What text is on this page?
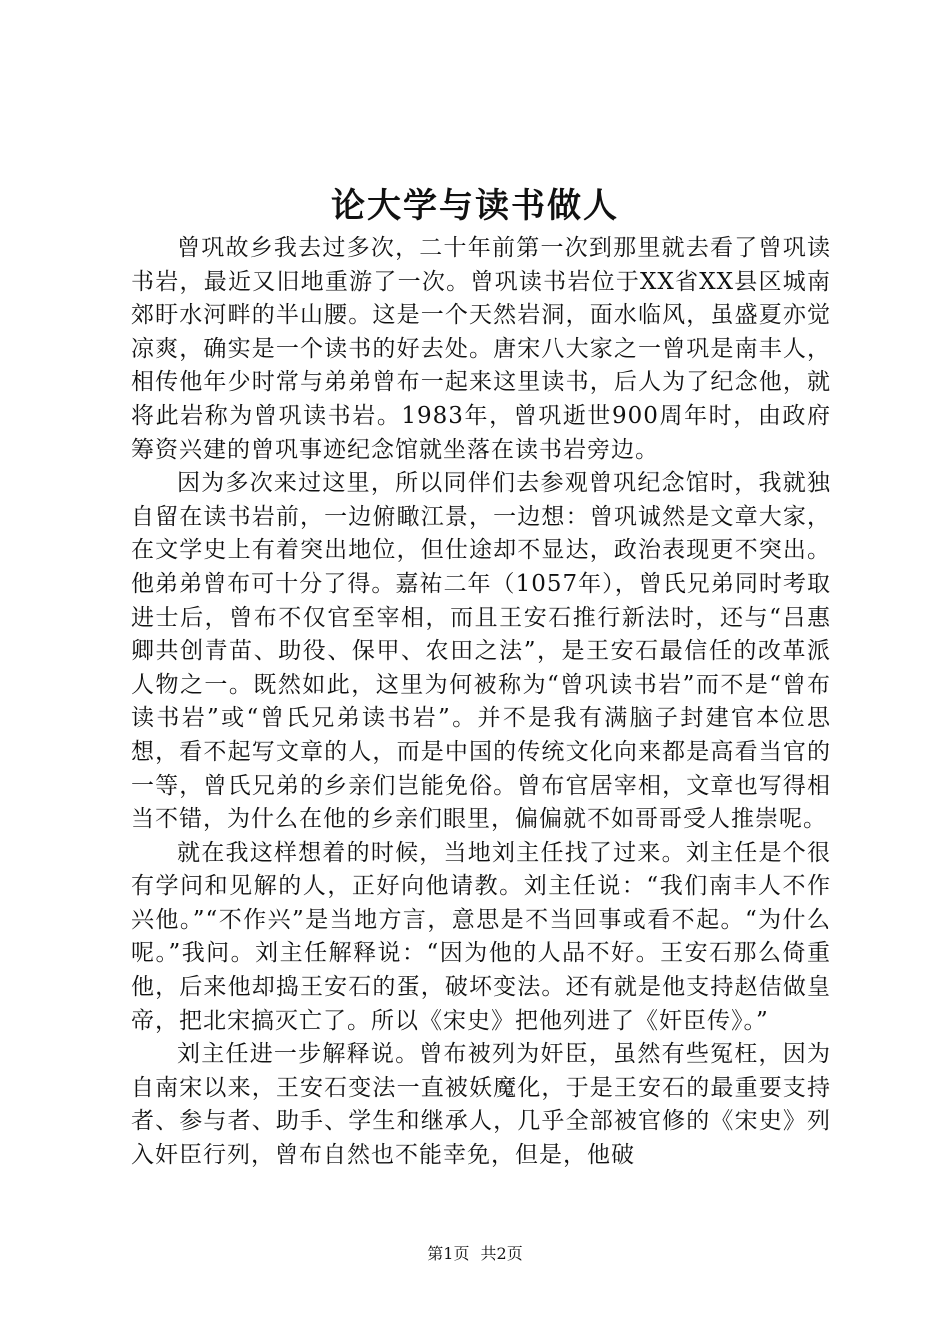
论大学与读书做人

曾巩故乡我去过多次，二十年前第一次到那里就去看了曾巩读书岩，最近又旧地重游了一次。曾巩读书岩位于XX省XX县区城南郊盱水河畔的半山腰。这是一个天然岩洞，面水临风，虽盛夏亦觉凉爽，确实是一个读书的好去处。唐宋八大家之一曾巩是南丰人，相传他年少时常与弟弟曾布一起来这里读书，后人为了纪念他，就将此岩称为曾巩读书岩。1983年，曾巩逝世900周年时，由政府筹资兴建的曾巩事迹纪念馆就坐落在读书岩旁边。

因为多次来过这里，所以同伴们去参观曾巩纪念馆时，我就独自留在读书岩前，一边俯瞰江景，一边想：曾巩诚然是文章大家，在文学史上有着突出地位，但仕途却不显达，政治表现更不突出。他弟弟曾布可十分了得。嘉祐二年（1057年），曾氏兄弟同时考取进士后，曾布不仅官至宰相，而且王安石推行新法时，还与“吕惠卿共创青苗、助役、保甲、农田之法”，是王安石最信任的改革派人物之一。既然如此，这里为何被称为“曾巩读书岩”而不是“曾布读书岩”或“曾氏兄弟读书岩”。并不是我有满脑子封建官本位思想，看不起写文章的人，而是中国的传统文化向来都是高看当官的一等，曾氏兄弟的乡亲们岂能免俗。曾布官居宰相，文章也写得相当不错，为什么在他的乡亲们眼里，偏偏就不如哥哥受人推崇呢。

就在我这样想着的时候，当地刘主任找了过来。刘主任是个很有学问和见解的人，正好向他请教。刘主任说：“我们南丰人不作兴他。”“不作兴”是当地方言，意思是不当回事或看不起。“为什么呢。”我问。刘主任解释说：“因为他的人品不好。王安石那么倚重他，后来他却捣王安石的蛋，破坏变法。还有就是他支持赵佶做皇帝，把北宋搞灭亡了。所以《宋史》把他列进了《奸臣传》。”

刘主任进一步解释说。曾布被列为奸臣，虽然有些冤枉，因为自南宋以来，王安石变法一直被妖魔化，于是王安石的最重要支持者、参与者、助手、学生和继承人，几乎全部被官修的《宋史》列入奸臣行列，曾布自然也不能幸免，但是，他破

第1页 共2页
